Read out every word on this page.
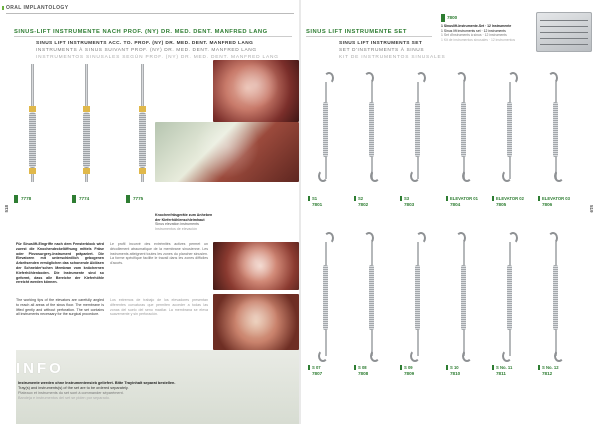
ORAL IMPLANTOLOGY
SINUS-LIFT INSTRUMENTE NACH PROF. (NY) DR. MED. DENT. MANFRED LANG
SINUS LIFT INSTRUMENTS ACC. TO. PROF. (NY) DR. MED. DENT. MANFRED LANG
INSTRUMENTS À SINUS SUIVANT PROF. (NY) DR. MED. DENT. MANFRED LANG
INSTRUMENTOS SINUSALES SEGÚN PROF. (NY) DR. MED. DENT. MANFRED LANG
7778	7774	7775
518
Knochenfräsgeräte zum Anheben der Kieferhöhlenschleimhaut
Sinus elevation instruments
Instrumentos de elevación
Für Sinuslift-Eingriffe nach dem Fensterblock wird zuerst die Knochendeckelöffnung mittels Fräse oder Piezosurgery-Instrument präpariert. Die Elevatoren mit unterschiedlich gebogenen Arbeitsenden ermöglichen das schonende Ablösen der Schneider'schen Membran vom knöchernen Kieferhöhlenboden. Die Instrumente sind so geformt, dass alle Bereiche der Kieferhöhle erreicht werden können.
The working tips of the elevators are carefully angled to reach all areas of the sinus floor. The membrane is lifted gently and without perforation. The set contains all instruments necessary for the surgical procedure.
Le profil incurvé des extrémités actives permet un décollement atraumatique de la membrane sinusienne. Les instruments atteignent toutes les zones du plancher sinusien. La forme spécifique facilite le travail dans les zones difficiles d'accès.
Los extremos de trabajo de los elevadores presentan diferentes curvaturas que permiten acceder a todas las zonas del suelo del seno maxilar. La membrana se eleva suavemente y sin perforación.
INFO
Instrumente werden ohne Instrumentensieb geliefert. Bitte Trayinhalt separat bestellen.
Tray(s) and instruments(s) of the set are to be ordered separately.
Plateaux et instruments du set sont à commander séparément.
Bandeja e instrumentos del set se piden por separado.
SINUS LIFT INSTRUMENTE SET
SINUS LIFT INSTRUMENTS SET
SET D'INSTRUMENTS À SINUS
KIT DE INSTRUMENTOS SINUSALES
7800
1 Sinuslift-Instrumente-Set · 12 Instrumente
1 Sinus lift instruments set · 12 instruments
1 Set d'instruments à sinus · 12 instruments
1 Kit de instrumentos sinusales · 12 instrumentos
519
S1
7801
S2
7802
S3
7803
ELEVATOR 01
7804
ELEVATOR 02
7805
ELEVATOR 03
7806
S 07
7807
S 08
7808
S 09
7809
S 10
7810
S No. 11
7811
S No. 12
7812
